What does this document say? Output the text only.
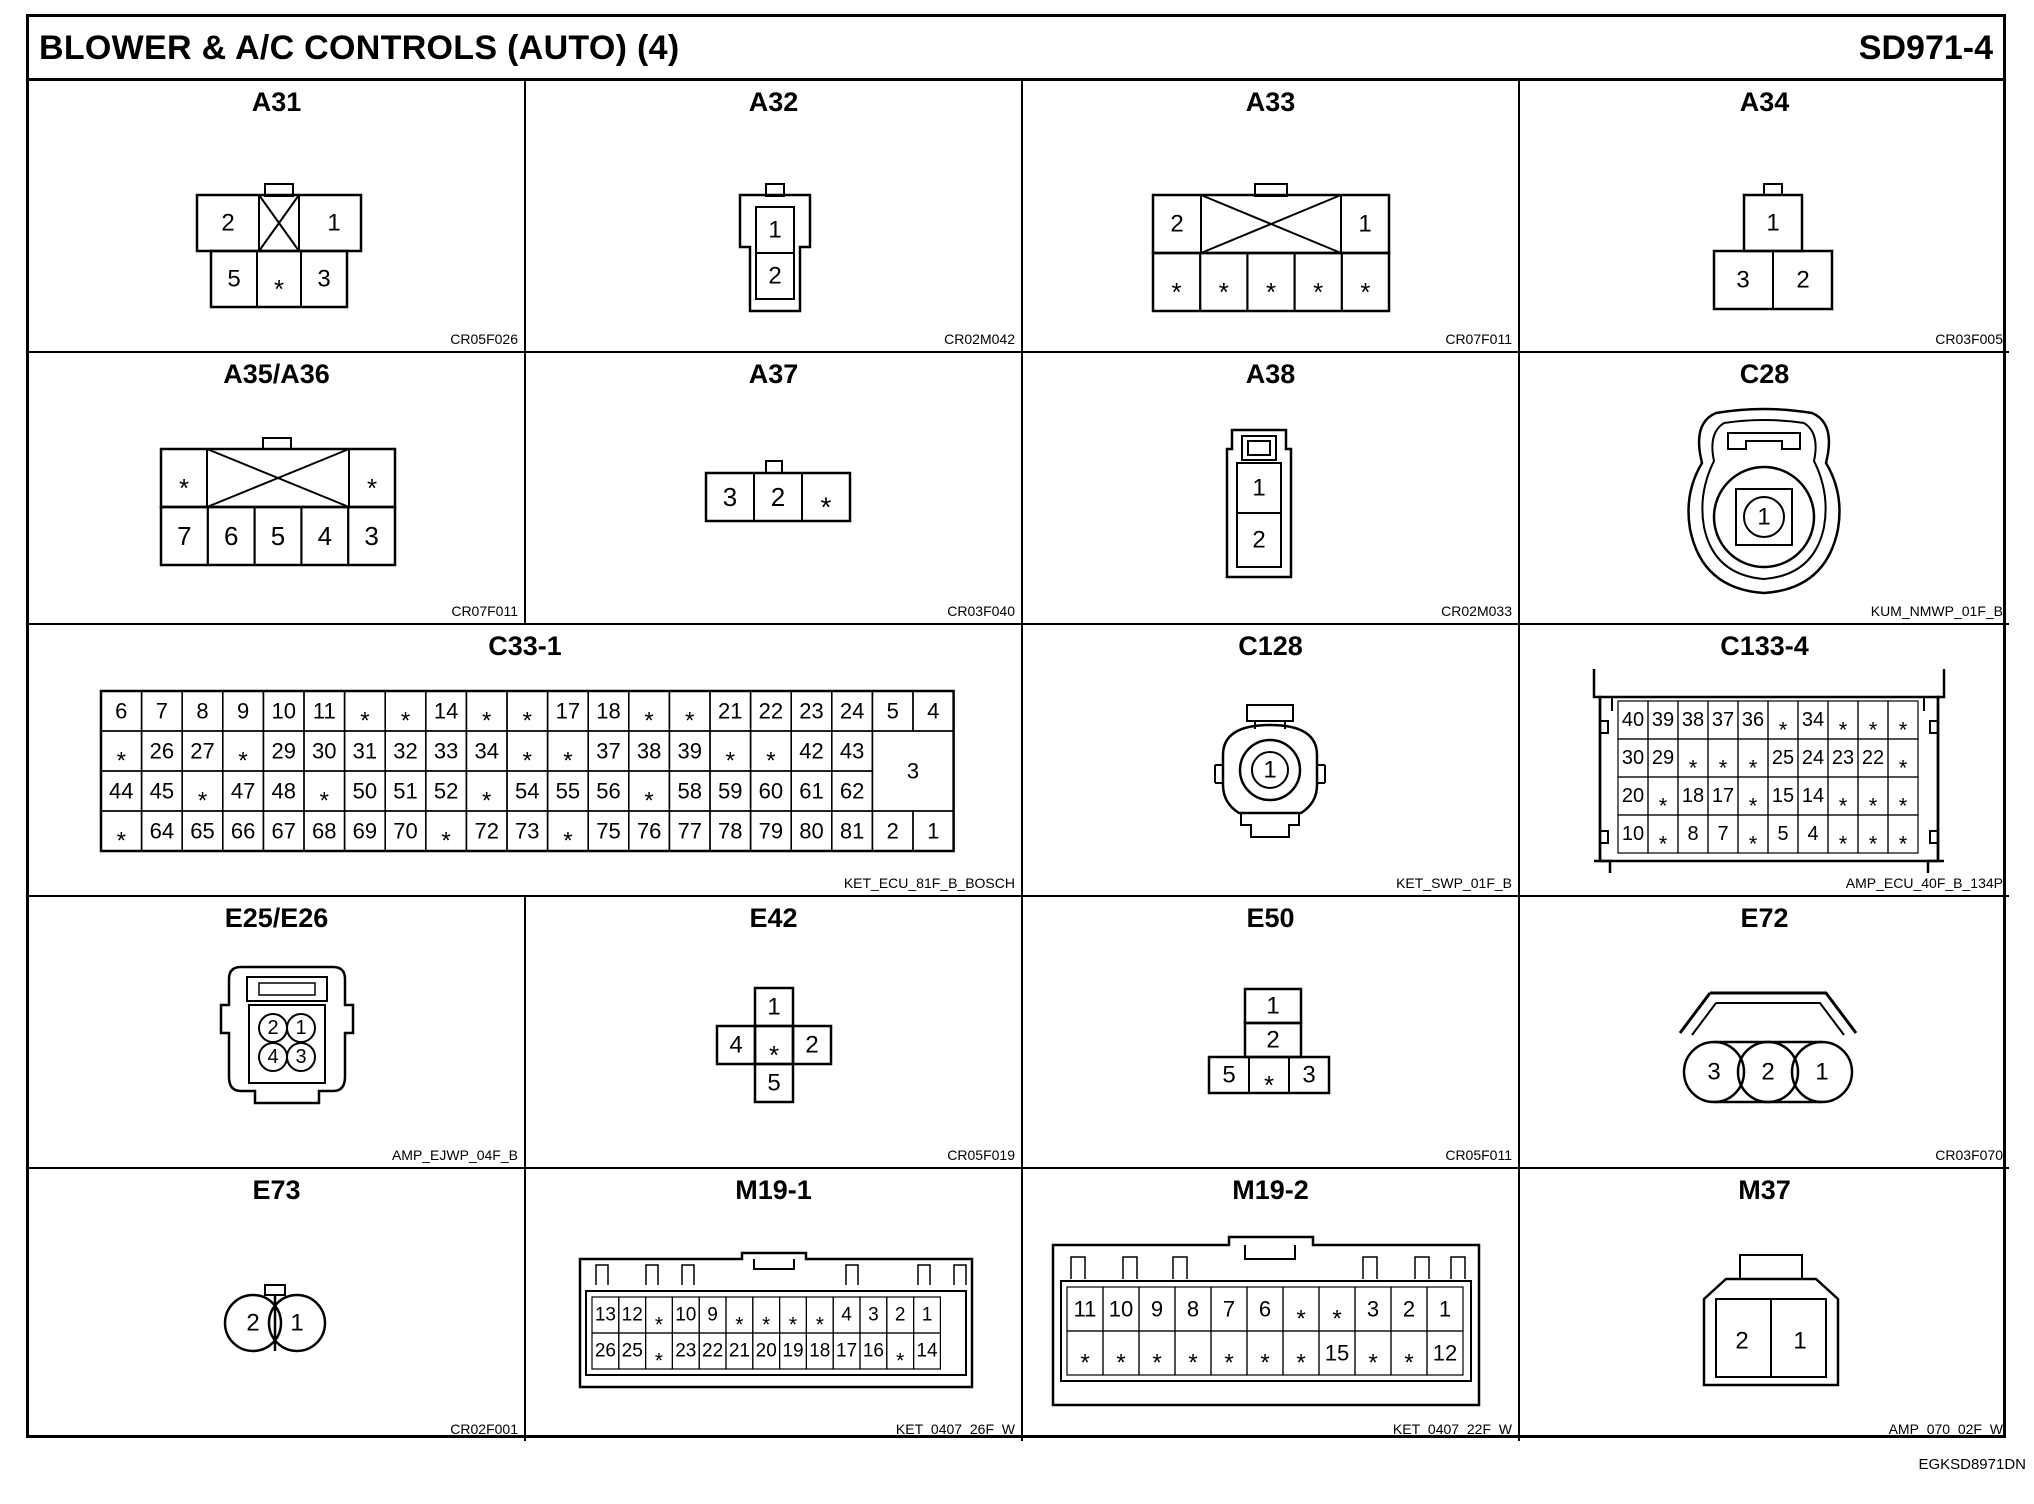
BLOWER & A/C CONTROLS (AUTO) (4)	SD971-4
2	1
5 * 3
A31
CR05F026
1
2
A32
CR02M042
2	1
* * * * *
A33
CR07F011
1
3 2
A34
CR03F005
*	*
7 6 5 4 3
A35/A36
CR07F011
3 2 *
A37
CR03F040
1
2
A38
CR02M033
1
C28
KUM_NMWP_01F_B
6 7 8 9 10 11 * * 14 * * 17 18 * * 21 22 23 24 5 4
* 26 27 * 29 30 31 32 33 34 * * 37 38 39 * * 42 43
44 45 * 47 48 * 50 51 52 * 54 55 56 * 58 59 60 61 62
* 64 65 66 67 68 69 70 * 72 73 * 75 76 77 78 79 80 81 2 1
3
C33-1
KET_ECU_81F_B_BOSCH
1
C128
KET_SWP_01F_B
40 39 38 37 36 * 34 * * *
30 29 * * * 25 24 23 22 *
20 * 18 17 * 15 14 * * *
10 * 8 7 * 5 4 * * *
C133-4
AMP_ECU_40F_B_134P
2 1
4 3
E25/E26
AMP_EJWP_04F_B
1
4 * 2
5
E42
CR05F019
1
2
5 * 3
E50
CR05F011
3 2 1
E72
CR03F070
2 1
E73
CR02F001
13 12 * 10 9 * * * * 4 3 2 1
26 25 * 23 22 21 20 19 18 17 16 * 14
M19-1
KET_0407_26F_W
11 10 9 8 7 6 * * 3 2 1
* * * * * * * 15 * * 12
M19-2
KET_0407_22F_W
2 1
M37
AMP_070_02F_W
EGKSD8971DN
